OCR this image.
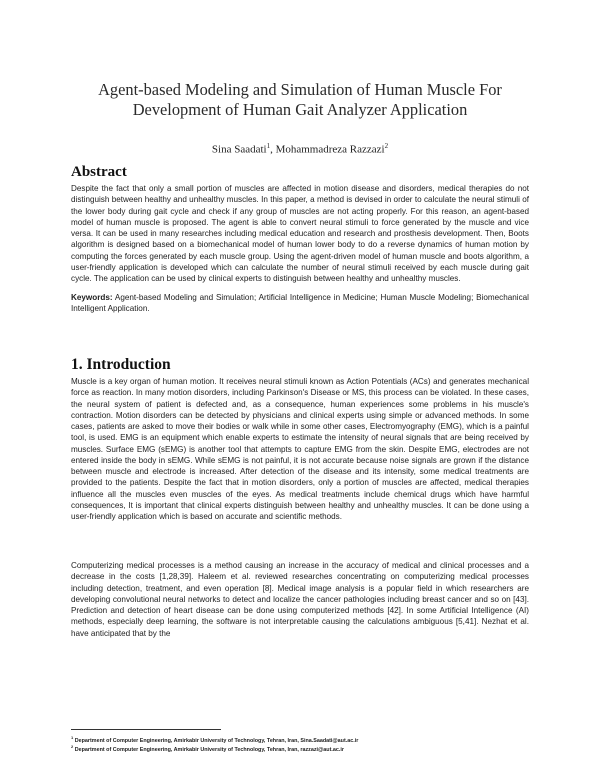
Agent-based Modeling and Simulation of Human Muscle For
Development of Human Gait Analyzer Application
Sina Saadati$^1$, Mohammadreza Razzazi$^2$
Abstract

Despite the fact that only a small portion of muscles are affected in motion disease and disorders, medical therapies do not distinguish between healthy and unhealthy muscles. In this paper, a method is devised in order to calculate the neural stimuli of the lower body during gait cycle and check if any group of muscles are not acting properly. For this reason, an agent-based model of human muscle is proposed. The agent is able to convert neural stimuli to force generated by the muscle and vice versa. It can be used in many researches including medical education and research and prosthesis development. Then, Boots algorithm is designed based on a biomechanical model of human lower body to do a reverse dynamics of human motion by computing the forces generated by each muscle group. Using the agent-driven model of human muscle and boots algorithm, a user-friendly application is developed which can calculate the number of neural stimuli received by each muscle during gait cycle. The application can be used by clinical experts to distinguish between healthy and unhealthy muscles.

Keywords: Agent-based Modeling and Simulation; Artificial Intelligence in Medicine; Human Muscle Modeling; Biomechanical Intelligent Application.

1. Introduction

Muscle is a key organ of human motion. It receives neural stimuli known as Action Potentials (ACs) and generates mechanical force as reaction. In many motion disorders, including Parkinson's Disease or MS, this process can be violated. In these cases, the neural system of patient is defected and, as a consequence, human experiences some problems in his muscle's contraction. Motion disorders can be detected by physicians and clinical experts using simple or advanced methods. In some cases, patients are asked to move their bodies or walk while in some other cases, Electromyography (EMG), which is a painful tool, is used. EMG is an equipment which enable experts to estimate the intensity of neural signals that are being received by muscles. Surface EMG (sEMG) is another tool that attempts to capture EMG from the skin. Despite EMG, electrodes are not entered inside the body in sEMG. While sEMG is not painful, it is not accurate because noise signals are grown if the distance between muscle and electrode is increased. After detection of the disease and its intensity, some medical treatments are provided to the patients. Despite the fact that in motion disorders, only a portion of muscles are affected, medical therapies influence all the muscles even muscles of the eyes. As medical treatments include chemical drugs which have harmful consequences, It is important that clinical experts distinguish between healthy and unhealthy muscles. It can be done using a user-friendly application which is based on accurate and scientific methods.

Computerizing medical processes is a method causing an increase in the accuracy of medical and clinical processes and a decrease in the costs [1,28,39]. Haleem et al. reviewed researches concentrating on computerizing medical processes including detection, treatment, and even operation [8]. Medical image analysis is a popular field in which researchers are developing convolutional neural networks to detect and localize the cancer pathologies including breast cancer and so on [43]. Prediction and detection of heart disease can be done using computerized methods [42]. In some Artificial Intelligence (AI) methods, especially deep learning, the software is not interpretable causing the calculations ambiguous [5,41]. Nezhat et al. have anticipated that by the

$^1$ Department of Computer Engineering, Amirkabir University of Technology, Tehran, Iran, Sina.Saadati@aut.ac.ir
$^2$ Department of Computer Engineering, Amirkabir University of Technology, Tehran, Iran, razzazi@aut.ac.ir
